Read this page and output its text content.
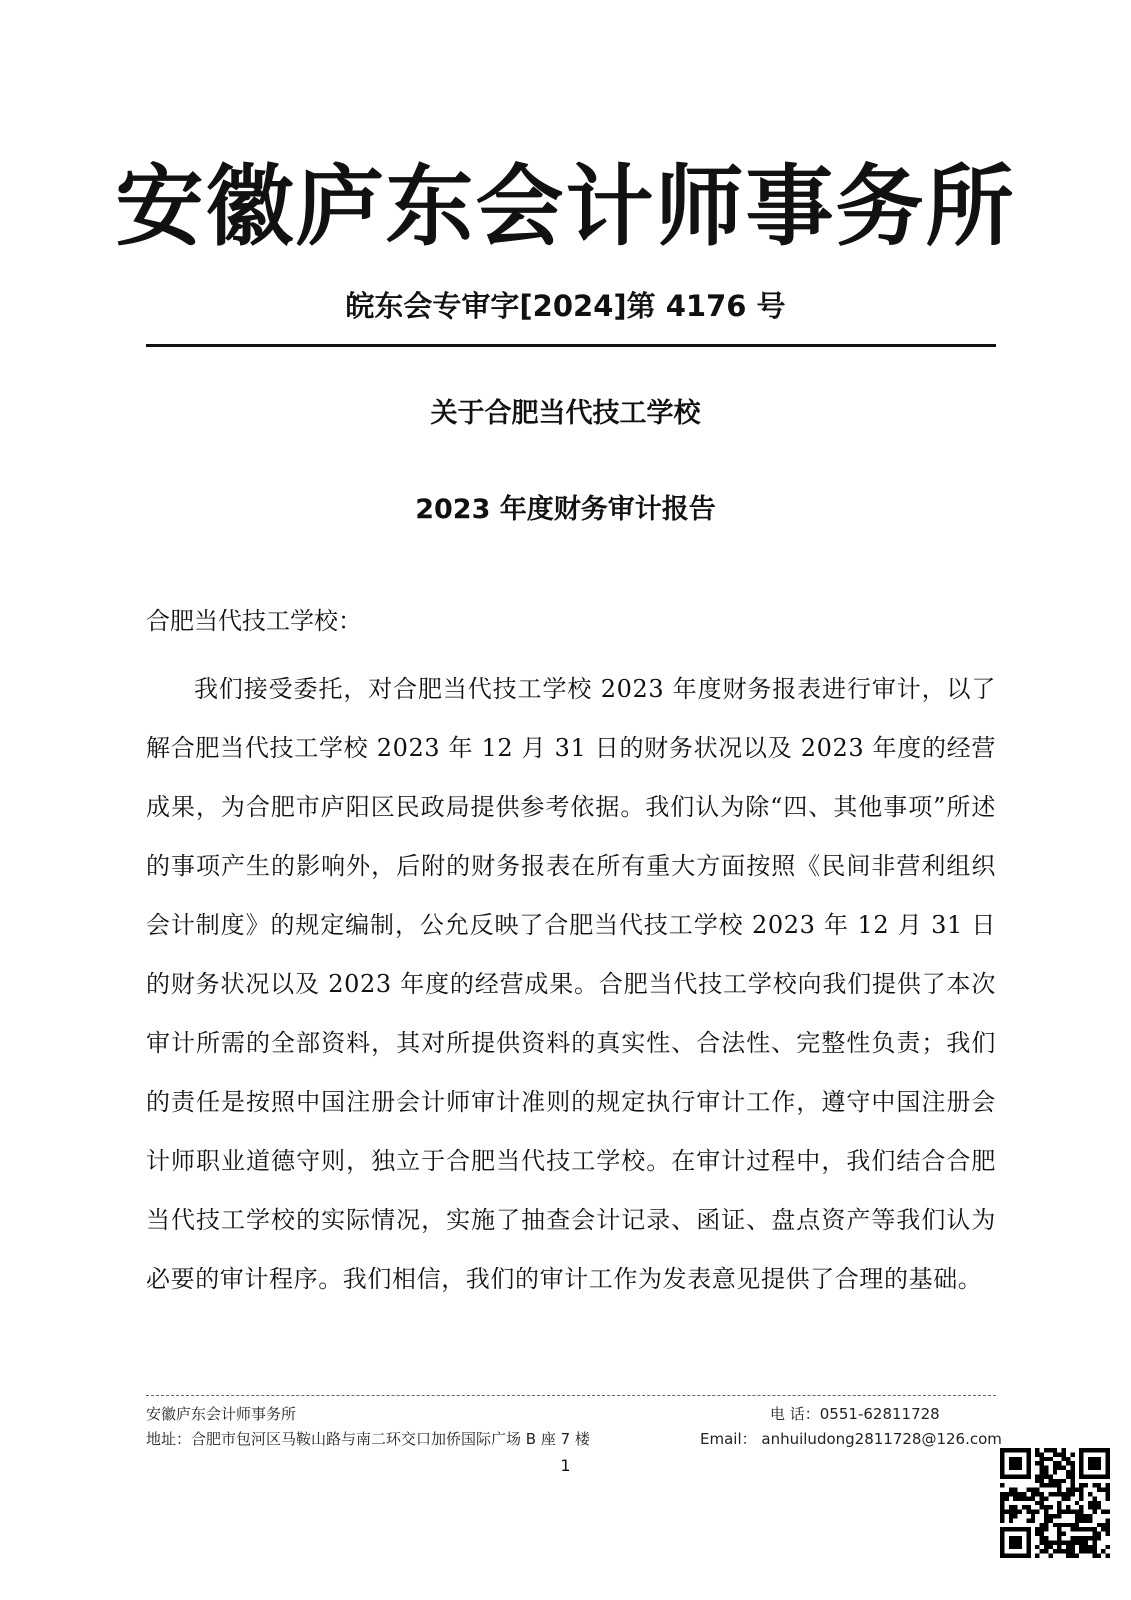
安徽庐东会计师事务所
皖东会专审字[2024]第 4176 号
关于合肥当代技工学校
2023 年度财务审计报告
合肥当代技工学校：
我们接受委托，对合肥当代技工学校 2023 年度财务报表进行审计，以了解合肥当代技工学校 2023 年 12 月 31 日的财务状况以及 2023 年度的经营成果，为合肥市庐阳区民政局提供参考依据。我们认为除“四、其他事项”所述的事项产生的影响外，后附的财务报表在所有重大方面按照《民间非营利组织会计制度》的规定编制，公允反映了合肥当代技工学校 2023 年 12 月 31 日的财务状况以及 2023 年度的经营成果。合肥当代技工学校向我们提供了本次审计所需的全部资料，其对所提供资料的真实性、合法性、完整性负责；我们的责任是按照中国注册会计师审计准则的规定执行审计工作，遵守中国注册会计师职业道德守则，独立于合肥当代技工学校。在审计过程中，我们结合合肥当代技工学校的实际情况，实施了抽查会计记录、函证、盘点资产等我们认为必要的审计程序。我们相信，我们的审计工作为发表意见提供了合理的基础。
安徽庐东会计师事务所
地址：合肥市包河区马鞍山路与南二环交口加侨国际广场 B 座 7 楼
电 话：0551-62811728
Email： anhuiludong2811728@126.com
1
